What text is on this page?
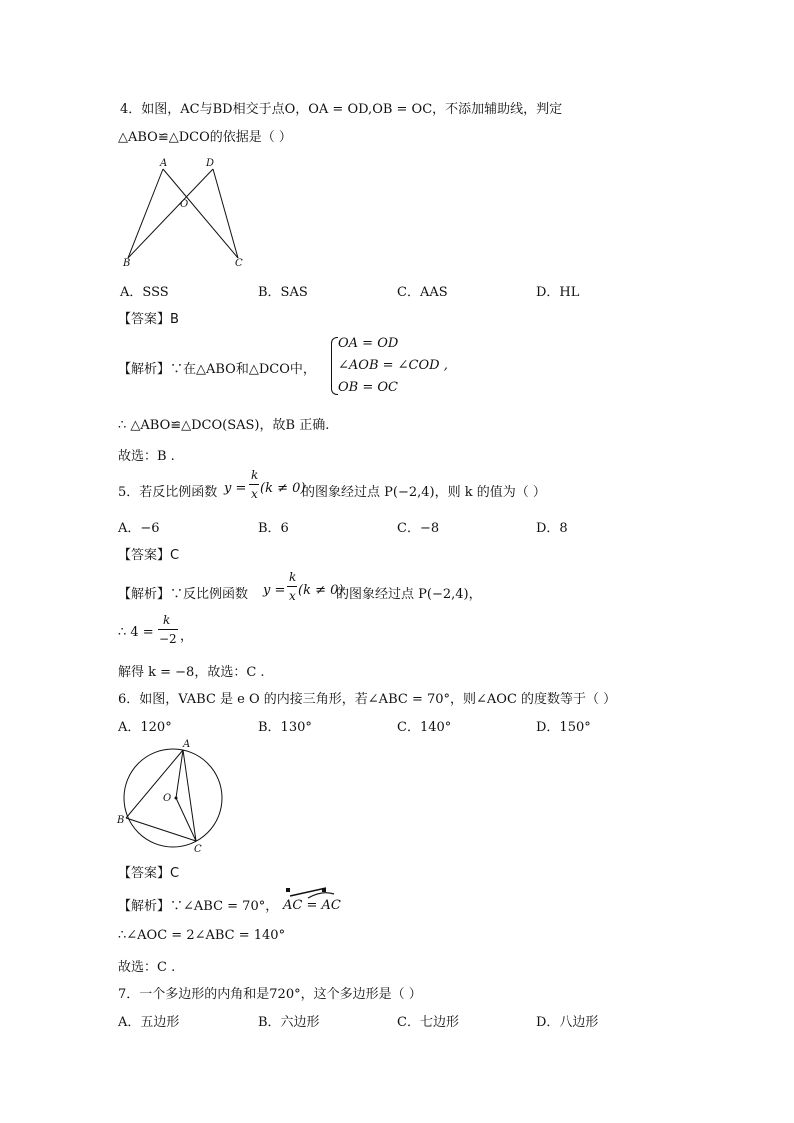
4．如图，AC与BD相交于点O，OA = OD,OB = OC，不添加辅助线，判定
△ABO≌△DCO的依据是（ ）
A	D
O
B	C
A．SSS	B．SAS	C．AAS	D．HL
【答案】B
【解析】∵在△ABO和△DCO中，
OA = OD
∠AOB = ∠COD ,
OB = OC
∴ △ABO≌△DCO(SAS)，故B 正确.
故选：B .
5．若反比例函数 y =
k
x (k ≠ 0)
的图象经过点 P(−2,4)，则 k 的值为（ ）
A．−6	B．6	C．−8	D．8
【答案】C
【解析】∵反比例函数 y =
k
x (k ≠ 0)
的图象经过点 P(−2,4)，
∴ 4 =
k
−2 ，
解得 k = −8，故选：C .
6．如图，VABC 是 e O 的内接三角形，若∠ABC = 70°，则∠AOC 的度数等于（ ）
A．120°	B．130°	C．140°	D．150°
A
O
B
C
【答案】C
【解析】∵∠ABC = 70°， AC = AC
∴∠AOC = 2∠ABC = 140°
故选：C .
7．一个多边形的内角和是720°，这个多边形是（ ）
A．五边形	B．六边形	C．七边形	D．八边形
